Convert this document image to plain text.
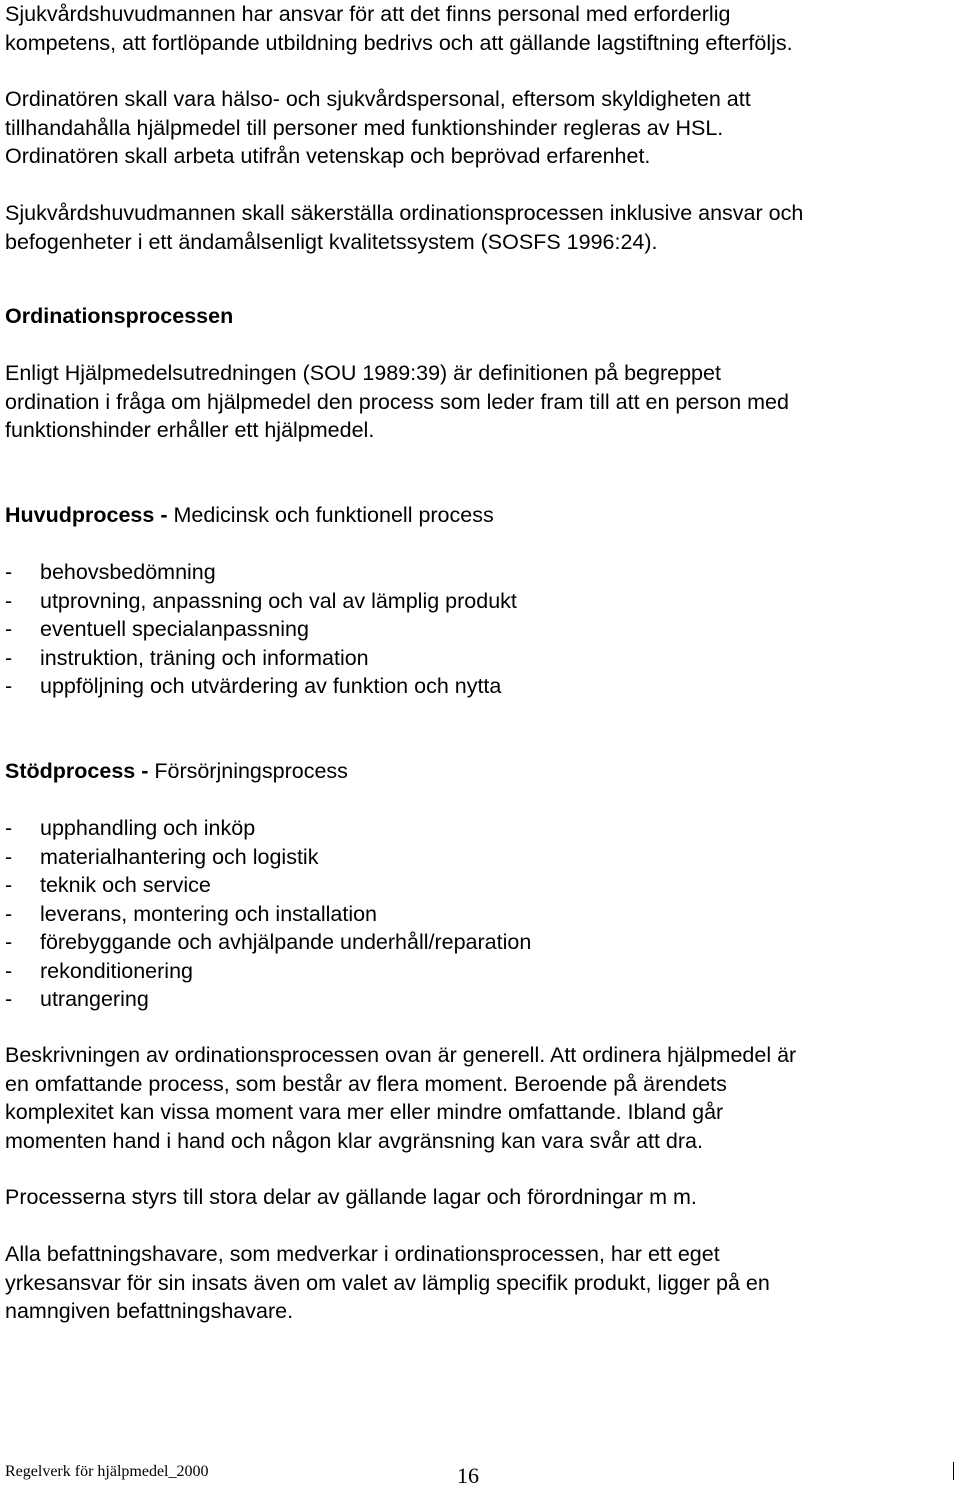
Sjukvårdshuvudmannen har ansvar för att det finns personal med erforderlig
kompetens, att fortlöpande utbildning bedrivs och att gällande lagstiftning efterföljs.
Ordinatören skall vara hälso- och sjukvårdspersonal, eftersom skyldigheten att
tillhandahålla hjälpmedel till personer med funktionshinder regleras av HSL.
Ordinatören skall arbeta utifrån vetenskap och beprövad erfarenhet.
Sjukvårdshuvudmannen skall säkerställa ordinationsprocessen inklusive ansvar och
befogenheter i ett ändamålsenligt kvalitetssystem (SOSFS 1996:24).
Ordinationsprocessen
Enligt Hjälpmedelsutredningen (SOU 1989:39) är definitionen på begreppet
ordination i fråga om hjälpmedel den process som leder fram till att en person med
funktionshinder erhåller ett hjälpmedel.
Huvudprocess - Medicinsk och funktionell process
- behovsbedömning
- utprovning, anpassning och val av lämplig produkt
- eventuell specialanpassning
- instruktion, träning och information
- uppföljning och utvärdering av funktion och nytta
Stödprocess - Försörjningsprocess
- upphandling och inköp
- materialhantering och logistik
- teknik och service
- leverans, montering och installation
- förebyggande och avhjälpande underhåll/reparation
- rekonditionering
- utrangering
Beskrivningen av ordinationsprocessen ovan är generell. Att ordinera hjälpmedel är
en omfattande process, som består av flera moment. Beroende på ärendets
komplexitet kan vissa moment vara mer eller mindre omfattande. Ibland går
momenten hand i hand och någon klar avgränsning kan vara svår att dra.
Processerna styrs till stora delar av gällande lagar och förordningar m m.
Alla befattningshavare, som medverkar i ordinationsprocessen, har ett eget
yrkesansvar för sin insats även om valet av lämplig specifik produkt, ligger på en
namngiven befattningshavare.
Regelverk för hjälpmedel_2000	16
